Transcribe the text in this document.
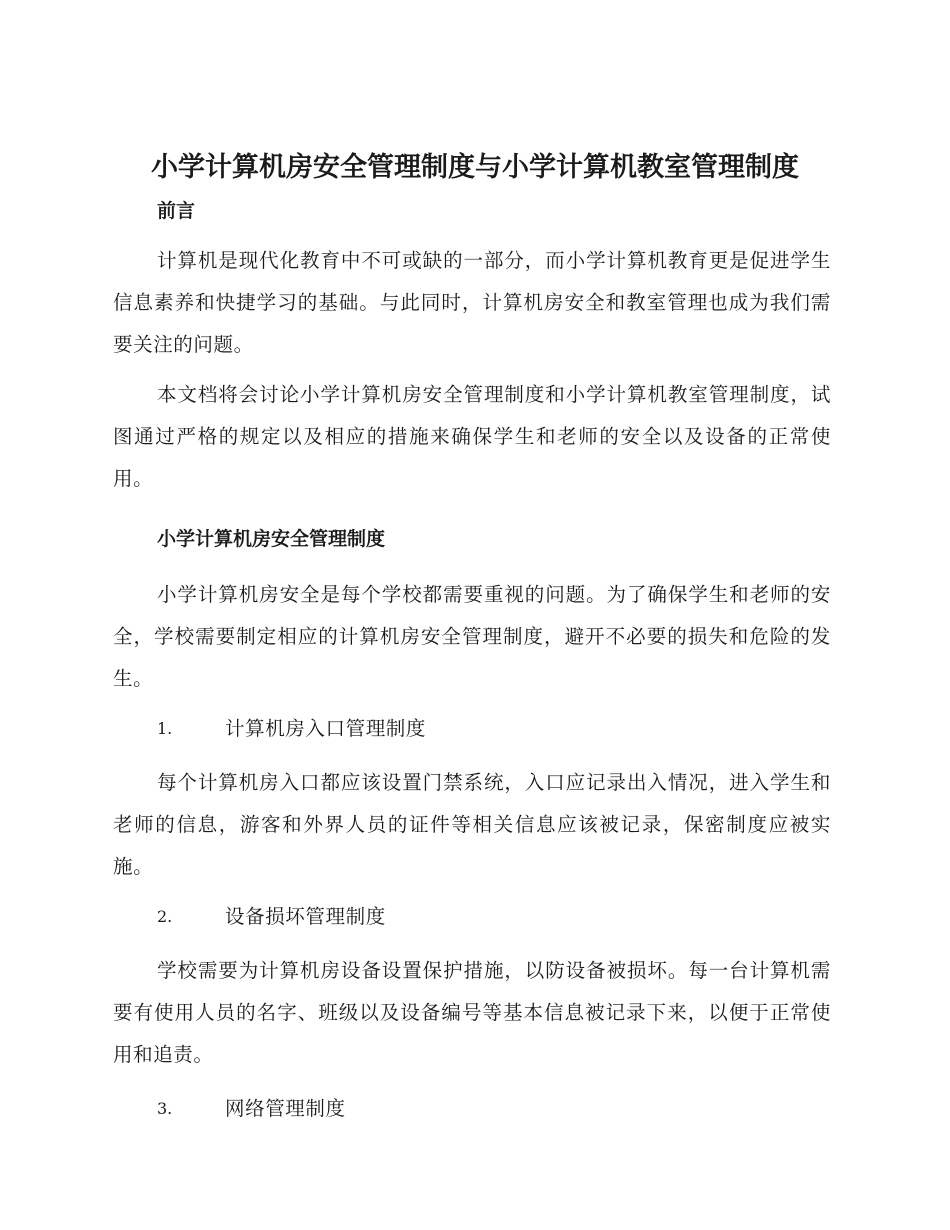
小学计算机房安全管理制度与小学计算机教室管理制度

前言

计算机是现代化教育中不可或缺的一部分，而小学计算机教育更是促进学生信息素养和快捷学习的基础。与此同时，计算机房安全和教室管理也成为我们需要关注的问题。

本文档将会讨论小学计算机房安全管理制度和小学计算机教室管理制度，试图通过严格的规定以及相应的措施来确保学生和老师的安全以及设备的正常使用。

小学计算机房安全管理制度

小学计算机房安全是每个学校都需要重视的问题。为了确保学生和老师的安全，学校需要制定相应的计算机房安全管理制度，避开不必要的损失和危险的发生。

1.	计算机房入口管理制度

每个计算机房入口都应该设置门禁系统，入口应记录出入情况，进入学生和老师的信息，游客和外界人员的证件等相关信息应该被记录，保密制度应被实施。

2.	设备损坏管理制度

学校需要为计算机房设备设置保护措施，以防设备被损坏。每一台计算机需要有使用人员的名字、班级以及设备编号等基本信息被记录下来，以便于正常使用和追责。

3.	网络管理制度
